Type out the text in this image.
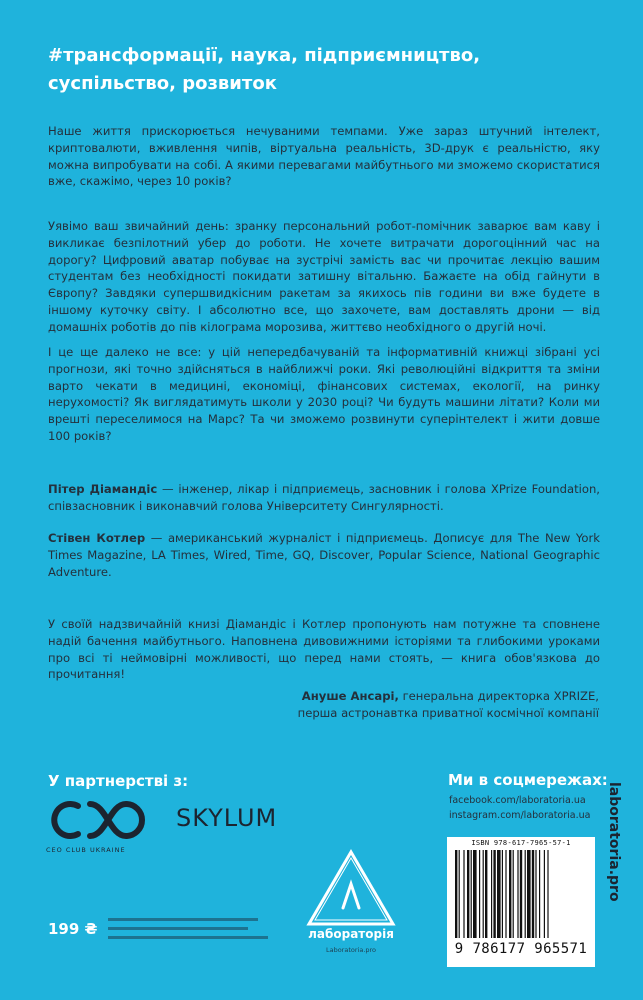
#трансформації, наука, підприємництво,
суспільство, розвиток

Наше життя прискорюється нечуваними темпами. Уже зараз штучний інтелект, криптовалюти, вживлення чипів, віртуальна реальність, 3D-друк є реальністю, яку можна випробувати на собі. А якими перевагами майбутнього ми зможемо скористатися вже, скажімо, через 10 років?

Уявімо ваш звичайний день: зранку персональний робот-помічник заварює вам каву і викликає безпілотний убер до роботи. Не хочете витрачати дорогоцінний час на дорогу? Цифровий аватар побуває на зустрічі замість вас чи прочитає лекцію вашим студентам без необхідності покидати затишну вітальню. Бажаєте на обід гайнути в Європу? Завдяки супершвидкісним ракетам за якихось пів години ви вже будете в іншому куточку світу. І абсолютно все, що захочете, вам доставлять дрони — від домашніх роботів до пів кілограма морозива, життєво необхідного о другій ночі.

І це ще далеко не все: у цій непередбачуваній та інформативній книжці зібрані усі прогнози, які точно здійсняться в найближчі роки. Які революційні відкриття та зміни варто чекати в медицині, економіці, фінансових системах, екології, на ринку нерухомості? Як виглядатимуть школи у 2030 році? Чи будуть машини літати? Коли ми врешті переселимося на Марс? Та чи зможемо розвинути суперінтелект і жити довше 100 років?

Пітер Діамандіс — інженер, лікар і підприємець, засновник і голова XPrize Foundation, співзасновник і виконавчий голова Університету Сингулярності.

Стівен Котлер — американський журналіст і підприємець. Дописує для The New York Times Magazine, LA Times, Wired, Time, GQ, Discover, Popular Science, National Geographic Adventure.

У своїй надзвичайній книзі Діамандіс і Котлер пропонують нам потужне та сповнене надій бачення майбутнього. Наповнена дивовижними історіями та глибокими уроками про всі ті неймовірні можливості, що перед нами стоять, — книга обов'язкова до прочитання!

Ануше Ансарі, генеральна директорка XPRIZE,
перша астронавтка приватної космічної компанії
У партнерстві з:
CEO CLUB UKRAINE
SKYLUM
Ми в соцмережах:
facebook.com/laboratoria.ua
instagram.com/laboratoria.ua laboratoria.pro
ISBN 978-617-7965-57-1
9 786177 965571
лабораторія
Laboratoria.pro
199 ₴
